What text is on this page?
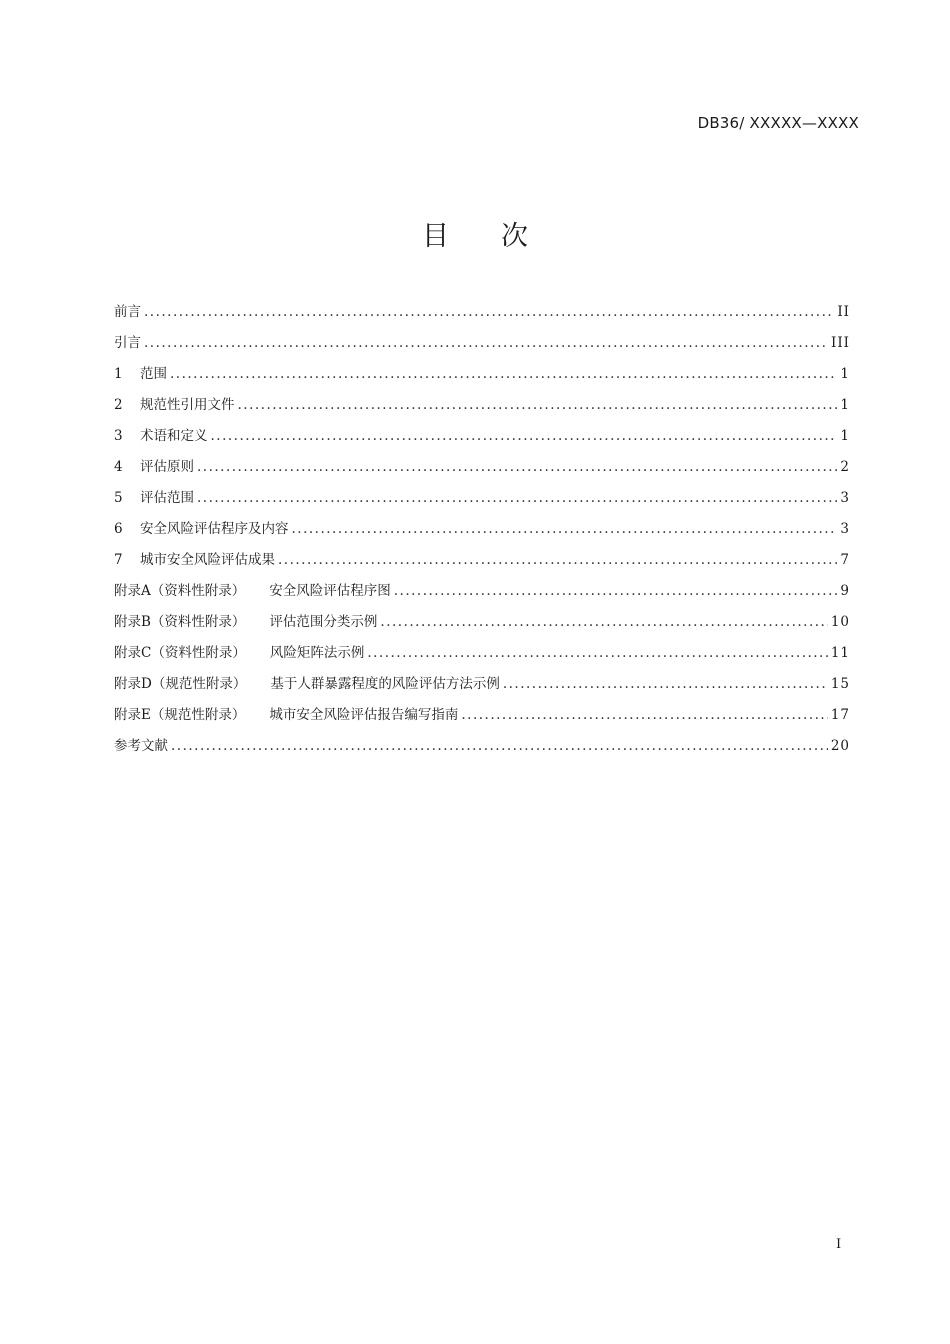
DB36/ XXXXX—XXXX
目 次
前言 .....	II
引言 .....	III
1	范围 .....	1
2	规范性引用文件 .....	1
3	术语和定义 .....	1
4	评估原则 .....	2
5	评估范围 .....	3
6	安全风险评估程序及内容 .....	3
7	城市安全风险评估成果 .....	7
附录A（资料性附录） 安全风险评估程序图 .....	9
附录B（资料性附录） 评估范围分类示例 .....	10
附录C（资料性附录） 风险矩阵法示例 .....	11
附录D（规范性附录） 基于人群暴露程度的风险评估方法示例 .....	15
附录E（规范性附录） 城市安全风险评估报告编写指南 .....	17
参考文献 .....	20
I
